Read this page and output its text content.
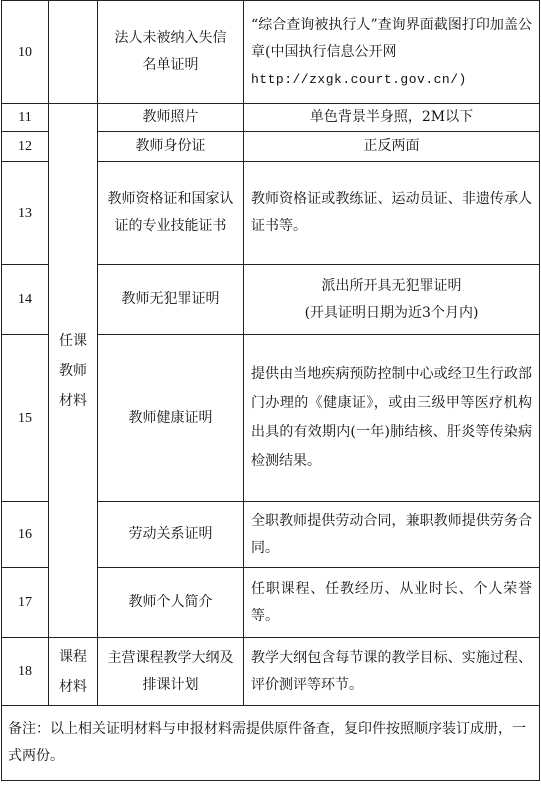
10		法人未被纳入失信名单证明	“综合查询被执行人”查询界面截图打印加盖公章(中国执行信息公开网
http://zxgk.court.gov.cn/)
11	任课教师材料	教师照片	单色背景半身照，2M以下
12		教师身份证	正反两面
13		教师资格证和国家认证的专业技能证书	教师资格证或教练证、运动员证、非遗传承人证书等。
14		教师无犯罪证明	派出所开具无犯罪证明
(开具证明日期为近3个月内)
15		教师健康证明	提供由当地疾病预防控制中心或经卫生行政部门办理的《健康证》，或由三级甲等医疗机构出具的有效期内(一年)肺结核、肝炎等传染病检测结果。
16		劳动关系证明	全职教师提供劳动合同，兼职教师提供劳务合同。
17		教师个人简介	任职课程、任教经历、从业时长、个人荣誉等。
18	课程材料	主营课程教学大纲及排课计划	教学大纲包含每节课的教学目标、实施过程、评价测评等环节。
备注：以上相关证明材料与申报材料需提供原件备查，复印件按照顺序装订成册，一式两份。			
